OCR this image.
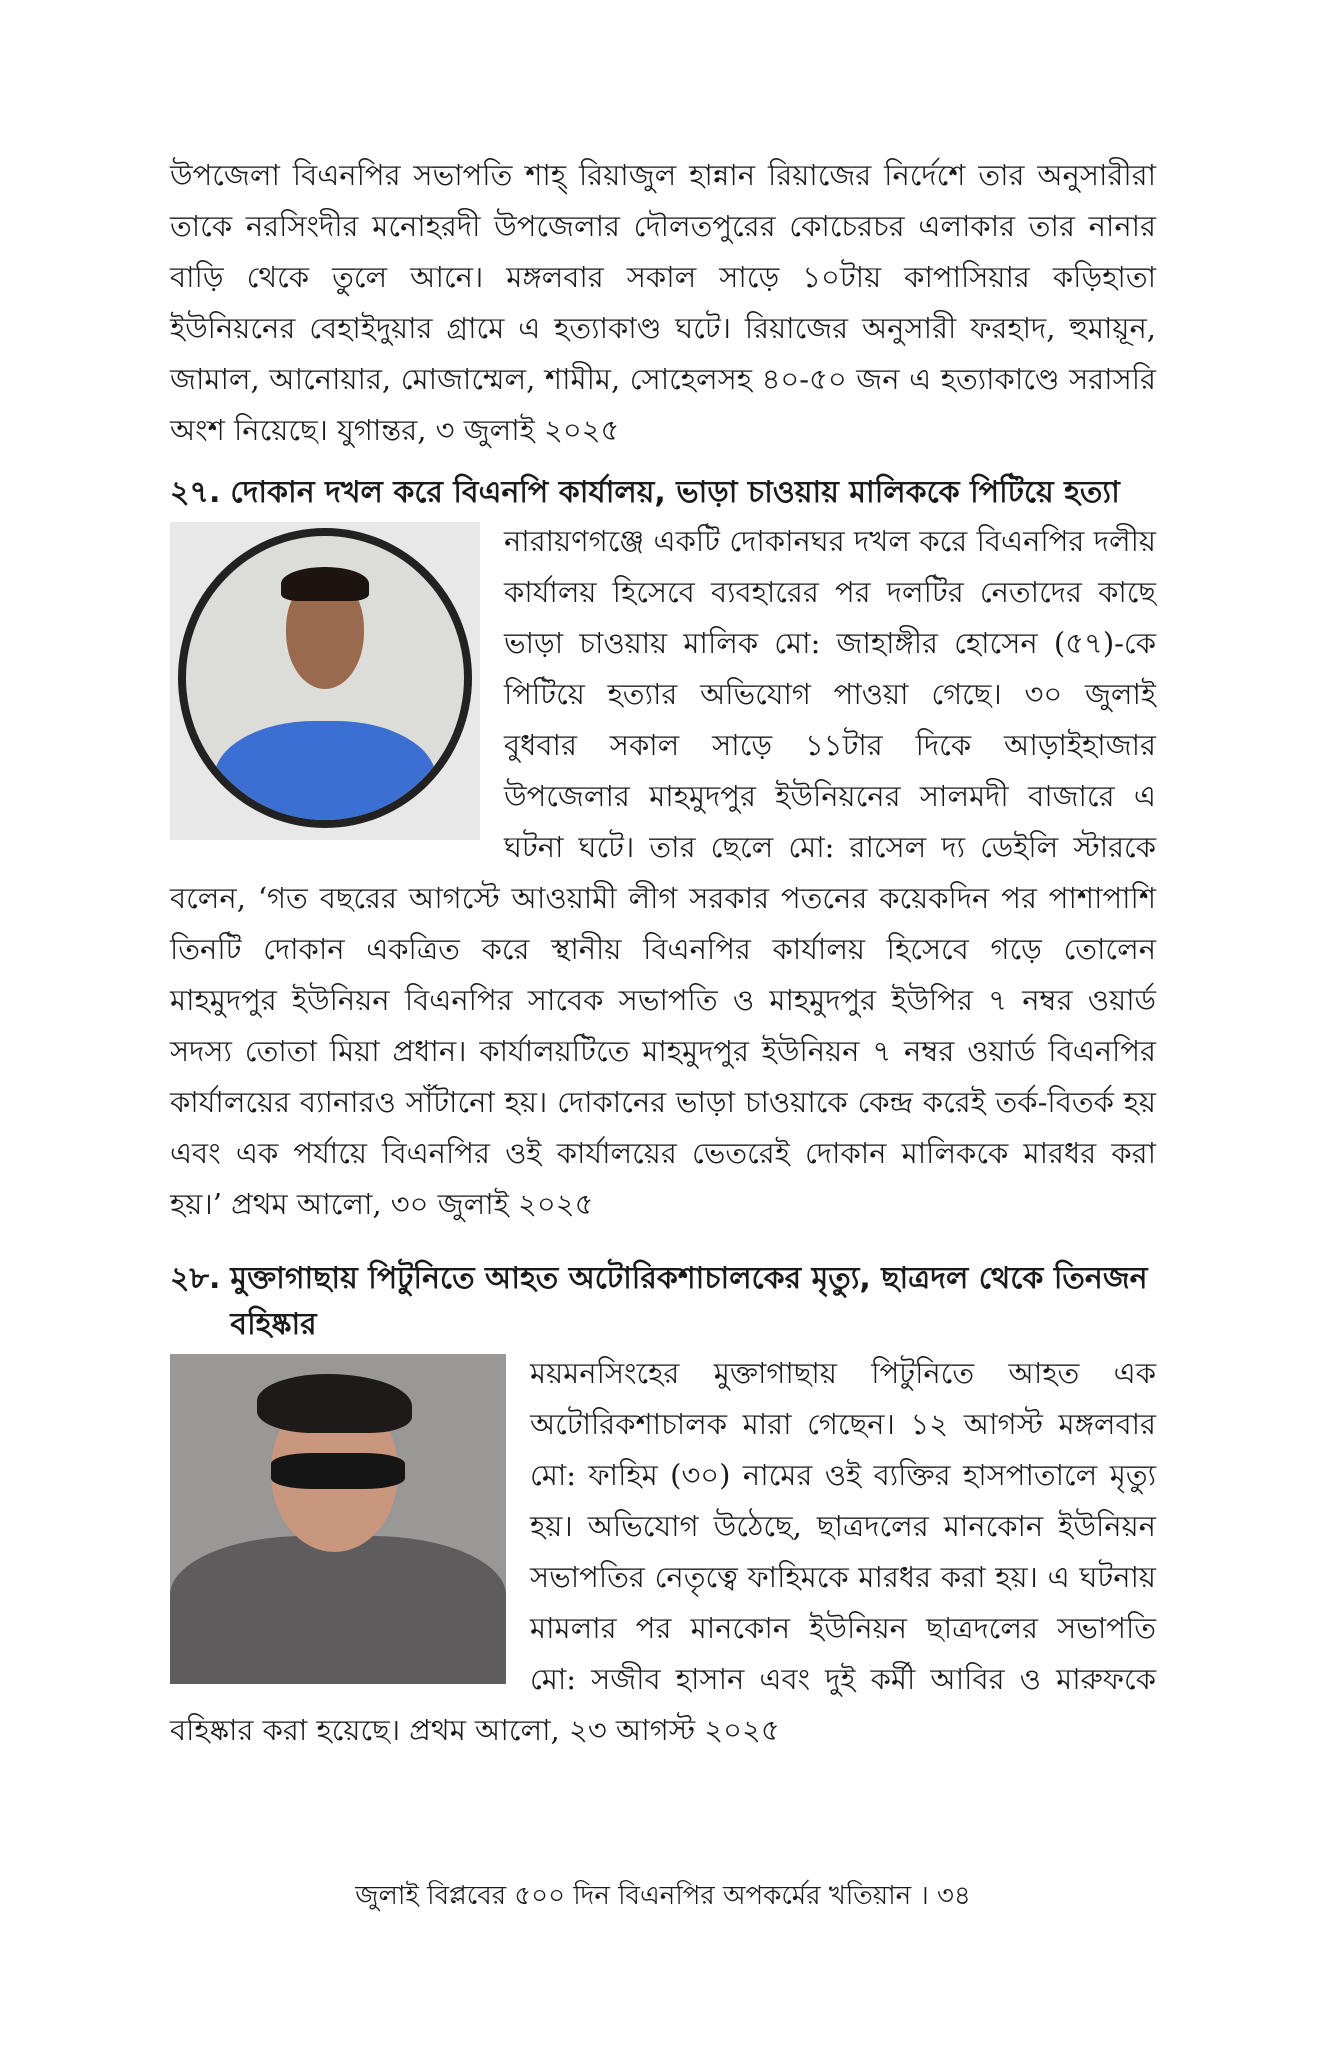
উপজেলা বিএনপির সভাপতি শাহ্ রিয়াজুল হান্নান রিয়াজের নির্দেশে তার অনুসারীরা তাকে নরসিংদীর মনোহরদী উপজেলার দৌলতপুরের কোচেরচর এলাকার তার নানার বাড়ি থেকে তুলে আনে। মঙ্গলবার সকাল সাড়ে ১০টায় কাপাসিয়ার কড়িহাতা ইউনিয়নের বেহাইদুয়ার গ্রামে এ হত্যাকাণ্ড ঘটে। রিয়াজের অনুসারী ফরহাদ, হুমায়ূন, জামাল, আনোয়ার, মোজাম্মেল, শামীম, সোহেলসহ ৪০-৫০ জন এ হত্যাকাণ্ডে সরাসরি অংশ নিয়েছে। যুগান্তর, ৩ জুলাই ২০২৫

২৭. দোকান দখল করে বিএনপি কার্যালয়, ভাড়া চাওয়ায় মালিককে পিটিয়ে হত্যা

নারায়ণগঞ্জে একটি দোকানঘর দখল করে বিএনপির দলীয় কার্যালয় হিসেবে ব্যবহারের পর দলটির নেতাদের কাছে ভাড়া চাওয়ায় মালিক মো: জাহাঙ্গীর হোসেন (৫৭)-কে পিটিয়ে হত্যার অভিযোগ পাওয়া গেছে। ৩০ জুলাই বুধবার সকাল সাড়ে ১১টার দিকে আড়াইহাজার উপজেলার মাহমুদপুর ইউনিয়নের সালমদী বাজারে এ ঘটনা ঘটে। তার ছেলে মো: রাসেল দ্য ডেইলি স্টারকে বলেন, ‘গত বছরের আগস্টে আওয়ামী লীগ সরকার পতনের কয়েকদিন পর পাশাপাশি তিনটি দোকান একত্রিত করে স্থানীয় বিএনপির কার্যালয় হিসেবে গড়ে তোলেন মাহমুদপুর ইউনিয়ন বিএনপির সাবেক সভাপতি ও মাহমুদপুর ইউপির ৭ নম্বর ওয়ার্ড সদস্য তোতা মিয়া প্রধান। কার্যালয়টিতে মাহমুদপুর ইউনিয়ন ৭ নম্বর ওয়ার্ড বিএনপির কার্যালয়ের ব্যানারও সাঁটানো হয়। দোকানের ভাড়া চাওয়াকে কেন্দ্র করেই তর্ক-বিতর্ক হয় এবং এক পর্যায়ে বিএনপির ওই কার্যালয়ের ভেতরেই দোকান মালিককে মারধর করা হয়।’ প্রথম আলো, ৩০ জুলাই ২০২৫

২৮. মুক্তাগাছায় পিটুনিতে আহত অটোরিকশাচালকের মৃত্যু, ছাত্রদল থেকে তিনজন বহিষ্কার

ময়মনসিংহের মুক্তাগাছায় পিটুনিতে আহত এক অটোরিকশাচালক মারা গেছেন। ১২ আগস্ট মঙ্গলবার মো: ফাহিম (৩০) নামের ওই ব্যক্তির হাসপাতালে মৃত্যু হয়। অভিযোগ উঠেছে, ছাত্রদলের মানকোন ইউনিয়ন সভাপতির নেতৃত্বে ফাহিমকে মারধর করা হয়। এ ঘটনায় মামলার পর মানকোন ইউনিয়ন ছাত্রদলের সভাপতি মো: সজীব হাসান এবং দুই কর্মী আবির ও মারুফকে বহিষ্কার করা হয়েছে। প্রথম আলো, ২৩ আগস্ট ২০২৫

জুলাই বিপ্লবের ৫০০ দিন বিএনপির অপকর্মের খতিয়ান । ৩৪
